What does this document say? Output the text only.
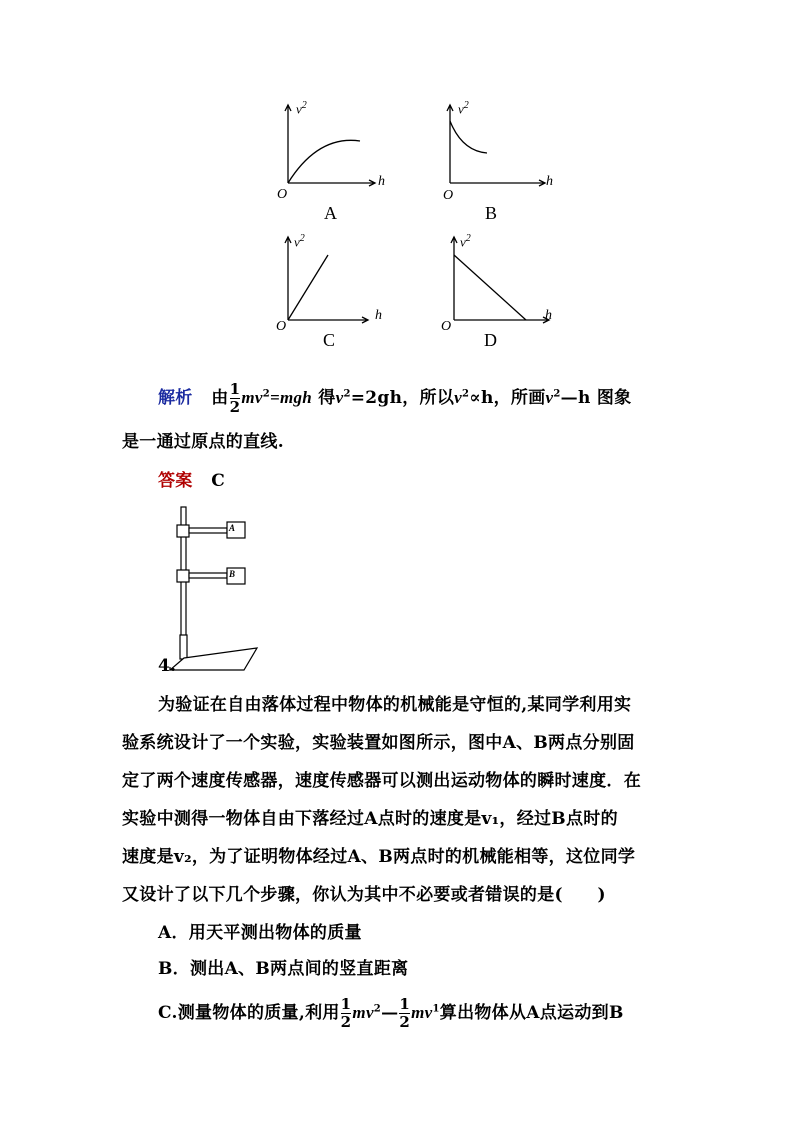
$v^2$
h
O
A
$v^2$
h
O
B
$v^2$
h
O
C
$v^2$
h
O
D
解析 由 $\frac{1}{2} mv^2=mgh$ 得$v^2=2gh$，所以$v^2\propto h$，所画$v^2—h$ 图象
是一通过原点的直线.
答案 C
A
B
4.
为验证在自由落体过程中物体的机械能是守恒的,某同学利用实
验系统设计了一个实验，实验装置如图所示，图中A、B两点分别固
定了两个速度传感器，速度传感器可以测出运动物体的瞬时速度．在
实验中测得一物体自由下落经过A点时的速度是v₁，经过B点时的
速度是v₂，为了证明物体经过A、B两点时的机械能相等，这位同学
又设计了以下几个步骤，你认为其中不必要或者错误的是(　　)
A．用天平测出物体的质量
B．测出A、B两点间的竖直距离
C.测量物体的质量,利用 $\frac{1}{2}$ $mv^2— \frac{1}{2} mv^1$算出物体从A点运动到B
